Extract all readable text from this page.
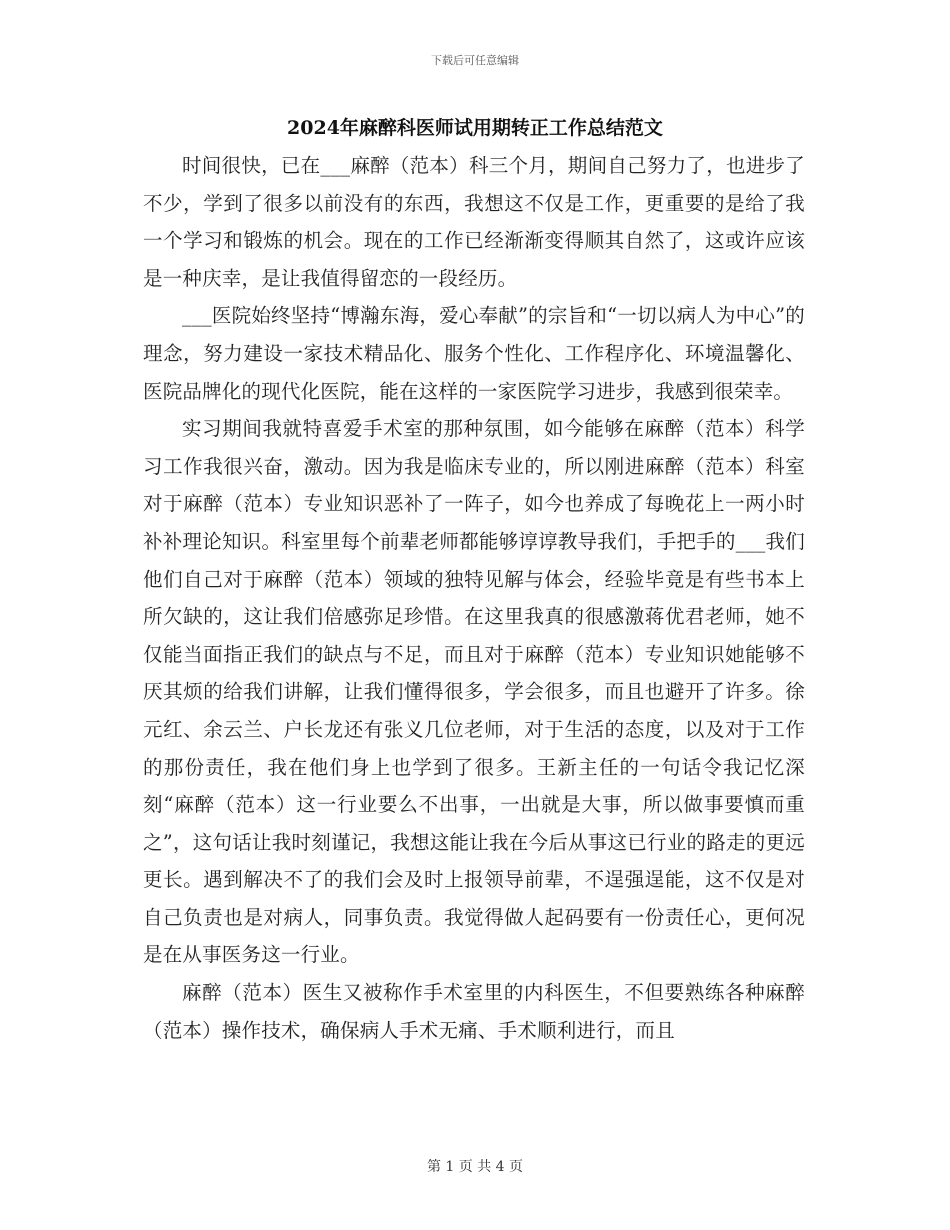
下载后可任意编辑
2024年麻醉科医师试用期转正工作总结范文

时间很快，已在___麻醉（范本）科三个月，期间自己努力了，也进步了不少，学到了很多以前没有的东西，我想这不仅是工作，更重要的是给了我一个学习和锻炼的机会。现在的工作已经渐渐变得顺其自然了，这或许应该是一种庆幸，是让我值得留恋的一段经历。

___医院始终坚持“博瀚东海，爱心奉献”的宗旨和“一切以病人为中心”的理念，努力建设一家技术精品化、服务个性化、工作程序化、环境温馨化、医院品牌化的现代化医院，能在这样的一家医院学习进步，我感到很荣幸。

实习期间我就特喜爱手术室的那种氛围，如今能够在麻醉（范本）科学习工作我很兴奋，激动。因为我是临床专业的，所以刚进麻醉（范本）科室对于麻醉（范本）专业知识恶补了一阵子，如今也养成了每晚花上一两小时补补理论知识。科室里每个前辈老师都能够谆谆教导我们，手把手的___我们他们自己对于麻醉（范本）领域的独特见解与体会，经验毕竟是有些书本上所欠缺的，这让我们倍感弥足珍惜。在这里我真的很感激蒋优君老师，她不仅能当面指正我们的缺点与不足，而且对于麻醉（范本）专业知识她能够不厌其烦的给我们讲解，让我们懂得很多，学会很多，而且也避开了许多。徐元红、余云兰、户长龙还有张义几位老师，对于生活的态度，以及对于工作的那份责任，我在他们身上也学到了很多。王新主任的一句话令我记忆深刻“麻醉（范本）这一行业要么不出事，一出就是大事，所以做事要慎而重之”，这句话让我时刻谨记，我想这能让我在今后从事这已行业的路走的更远更长。遇到解决不了的我们会及时上报领导前辈，不逞强逞能，这不仅是对自己负责也是对病人，同事负责。我觉得做人起码要有一份责任心，更何况是在从事医务这一行业。

麻醉（范本）医生又被称作手术室里的内科医生，不但要熟练各种麻醉（范本）操作技术，确保病人手术无痛、手术顺利进行，而且

第 1 页 共 4 页
